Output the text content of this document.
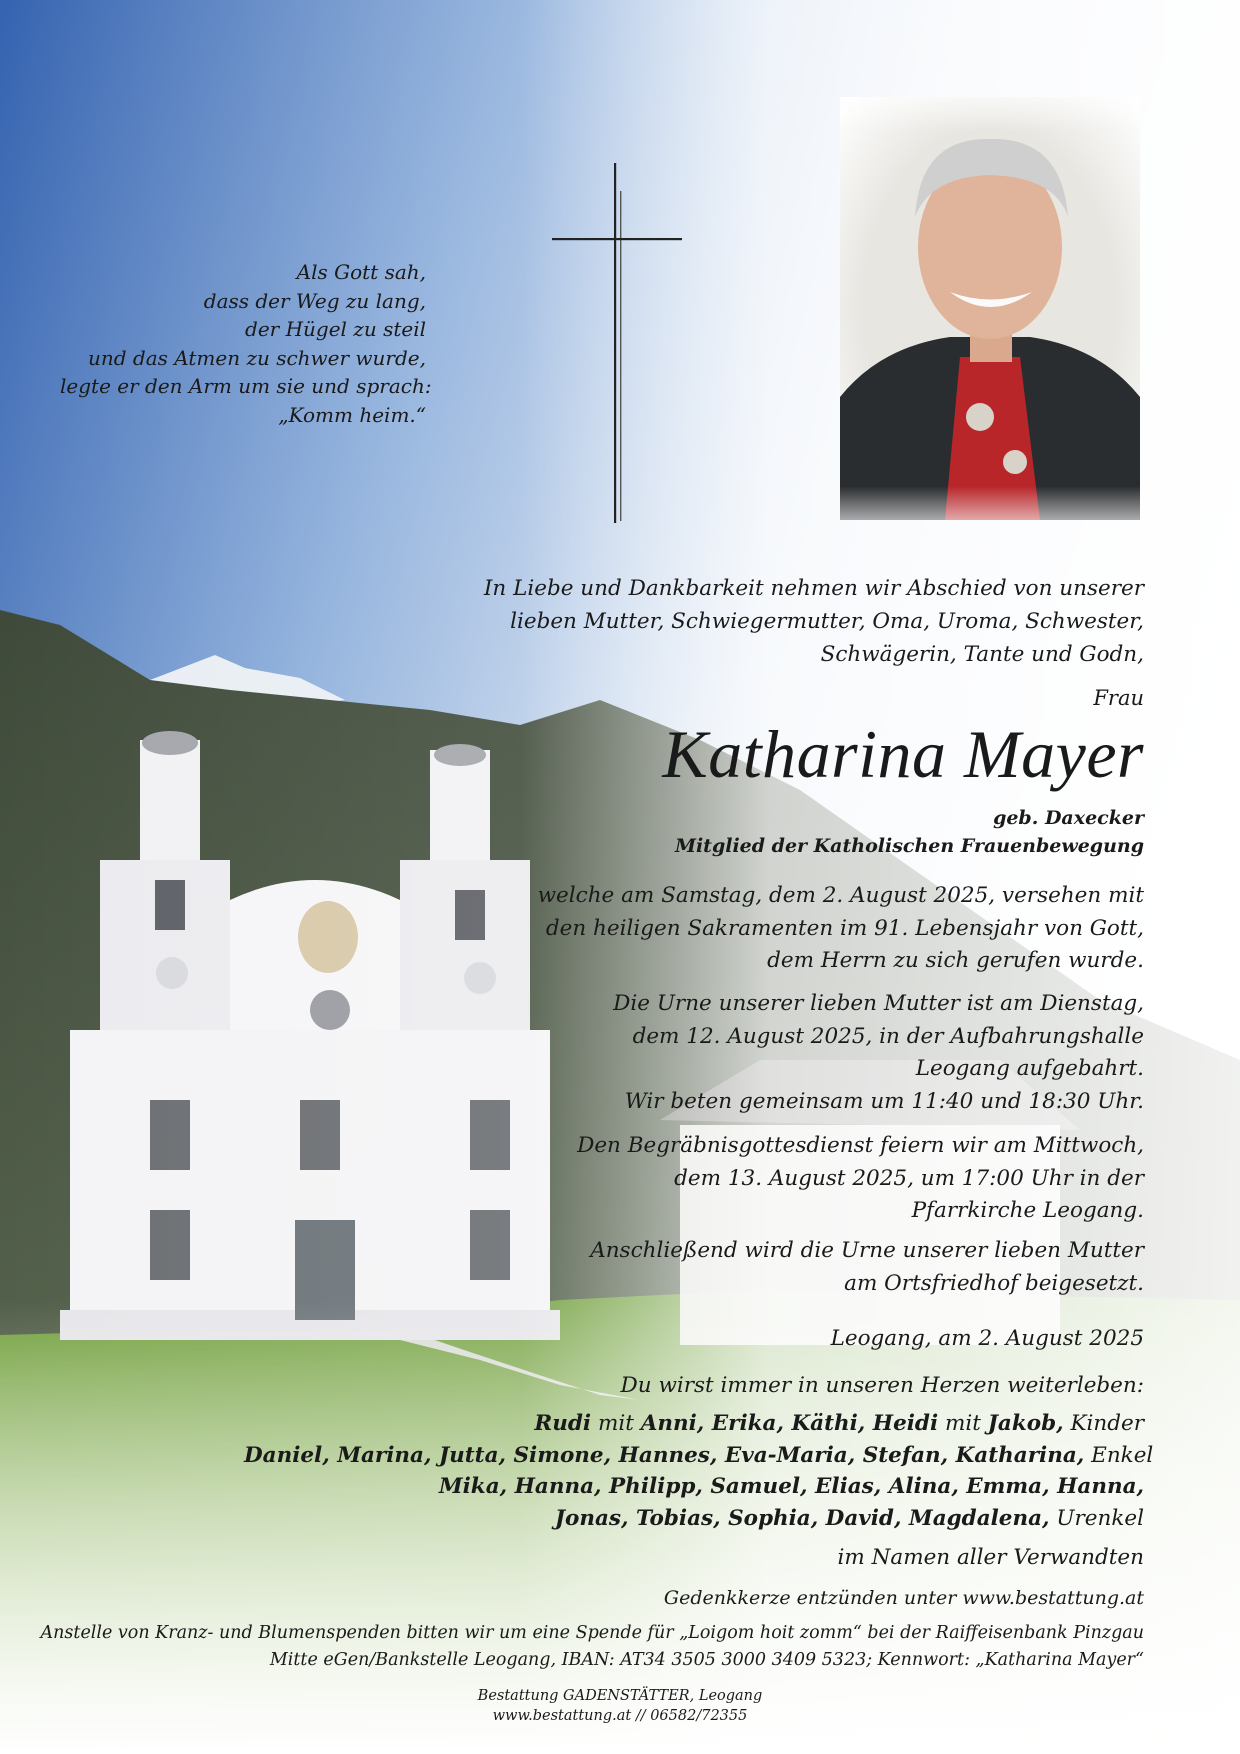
Als Gott sah,
dass der Weg zu lang,
der Hügel zu steil
und das Atmen zu schwer wurde,
legte er den Arm um sie und sprach:
„Komm heim.“
In Liebe und Dankbarkeit nehmen wir Abschied von unserer
lieben Mutter, Schwiegermutter, Oma, Uroma, Schwester,
Schwägerin, Tante und Godn,
Frau
Katharina Mayer
geb. Daxecker
Mitglied der Katholischen Frauenbewegung
welche am Samstag, dem 2. August 2025, versehen mit
den heiligen Sakramenten im 91. Lebensjahr von Gott,
dem Herrn zu sich gerufen wurde.
Die Urne unserer lieben Mutter ist am Dienstag,
dem 12. August 2025, in der Aufbahrungshalle
Leogang aufgebahrt.
Wir beten gemeinsam um 11:40 und 18:30 Uhr.
Den Begräbnisgottesdienst feiern wir am Mittwoch,
dem 13. August 2025, um 17:00 Uhr in der
Pfarrkirche Leogang.
Anschließend wird die Urne unserer lieben Mutter
am Ortsfriedhof beigesetzt.
Leogang, am 2. August 2025
Du wirst immer in unseren Herzen weiterleben:
Rudi mit Anni, Erika, Käthi, Heidi mit Jakob, Kinder
Daniel, Marina, Jutta, Simone, Hannes, Eva-Maria, Stefan, Katharina, Enkel
Mika, Hanna, Philipp, Samuel, Elias, Alina, Emma, Hanna,
Jonas, Tobias, Sophia, David, Magdalena, Urenkel
im Namen aller Verwandten
Gedenkkerze entzünden unter www.bestattung.at
Anstelle von Kranz- und Blumenspenden bitten wir um eine Spende für „Loigom hoit zomm“ bei der Raiffeisenbank Pinzgau
Mitte eGen/Bankstelle Leogang, IBAN: AT34 3505 3000 3409 5323; Kennwort: „Katharina Mayer“
Bestattung GADENSTÄTTER, Leogang
www.bestattung.at // 06582/72355
